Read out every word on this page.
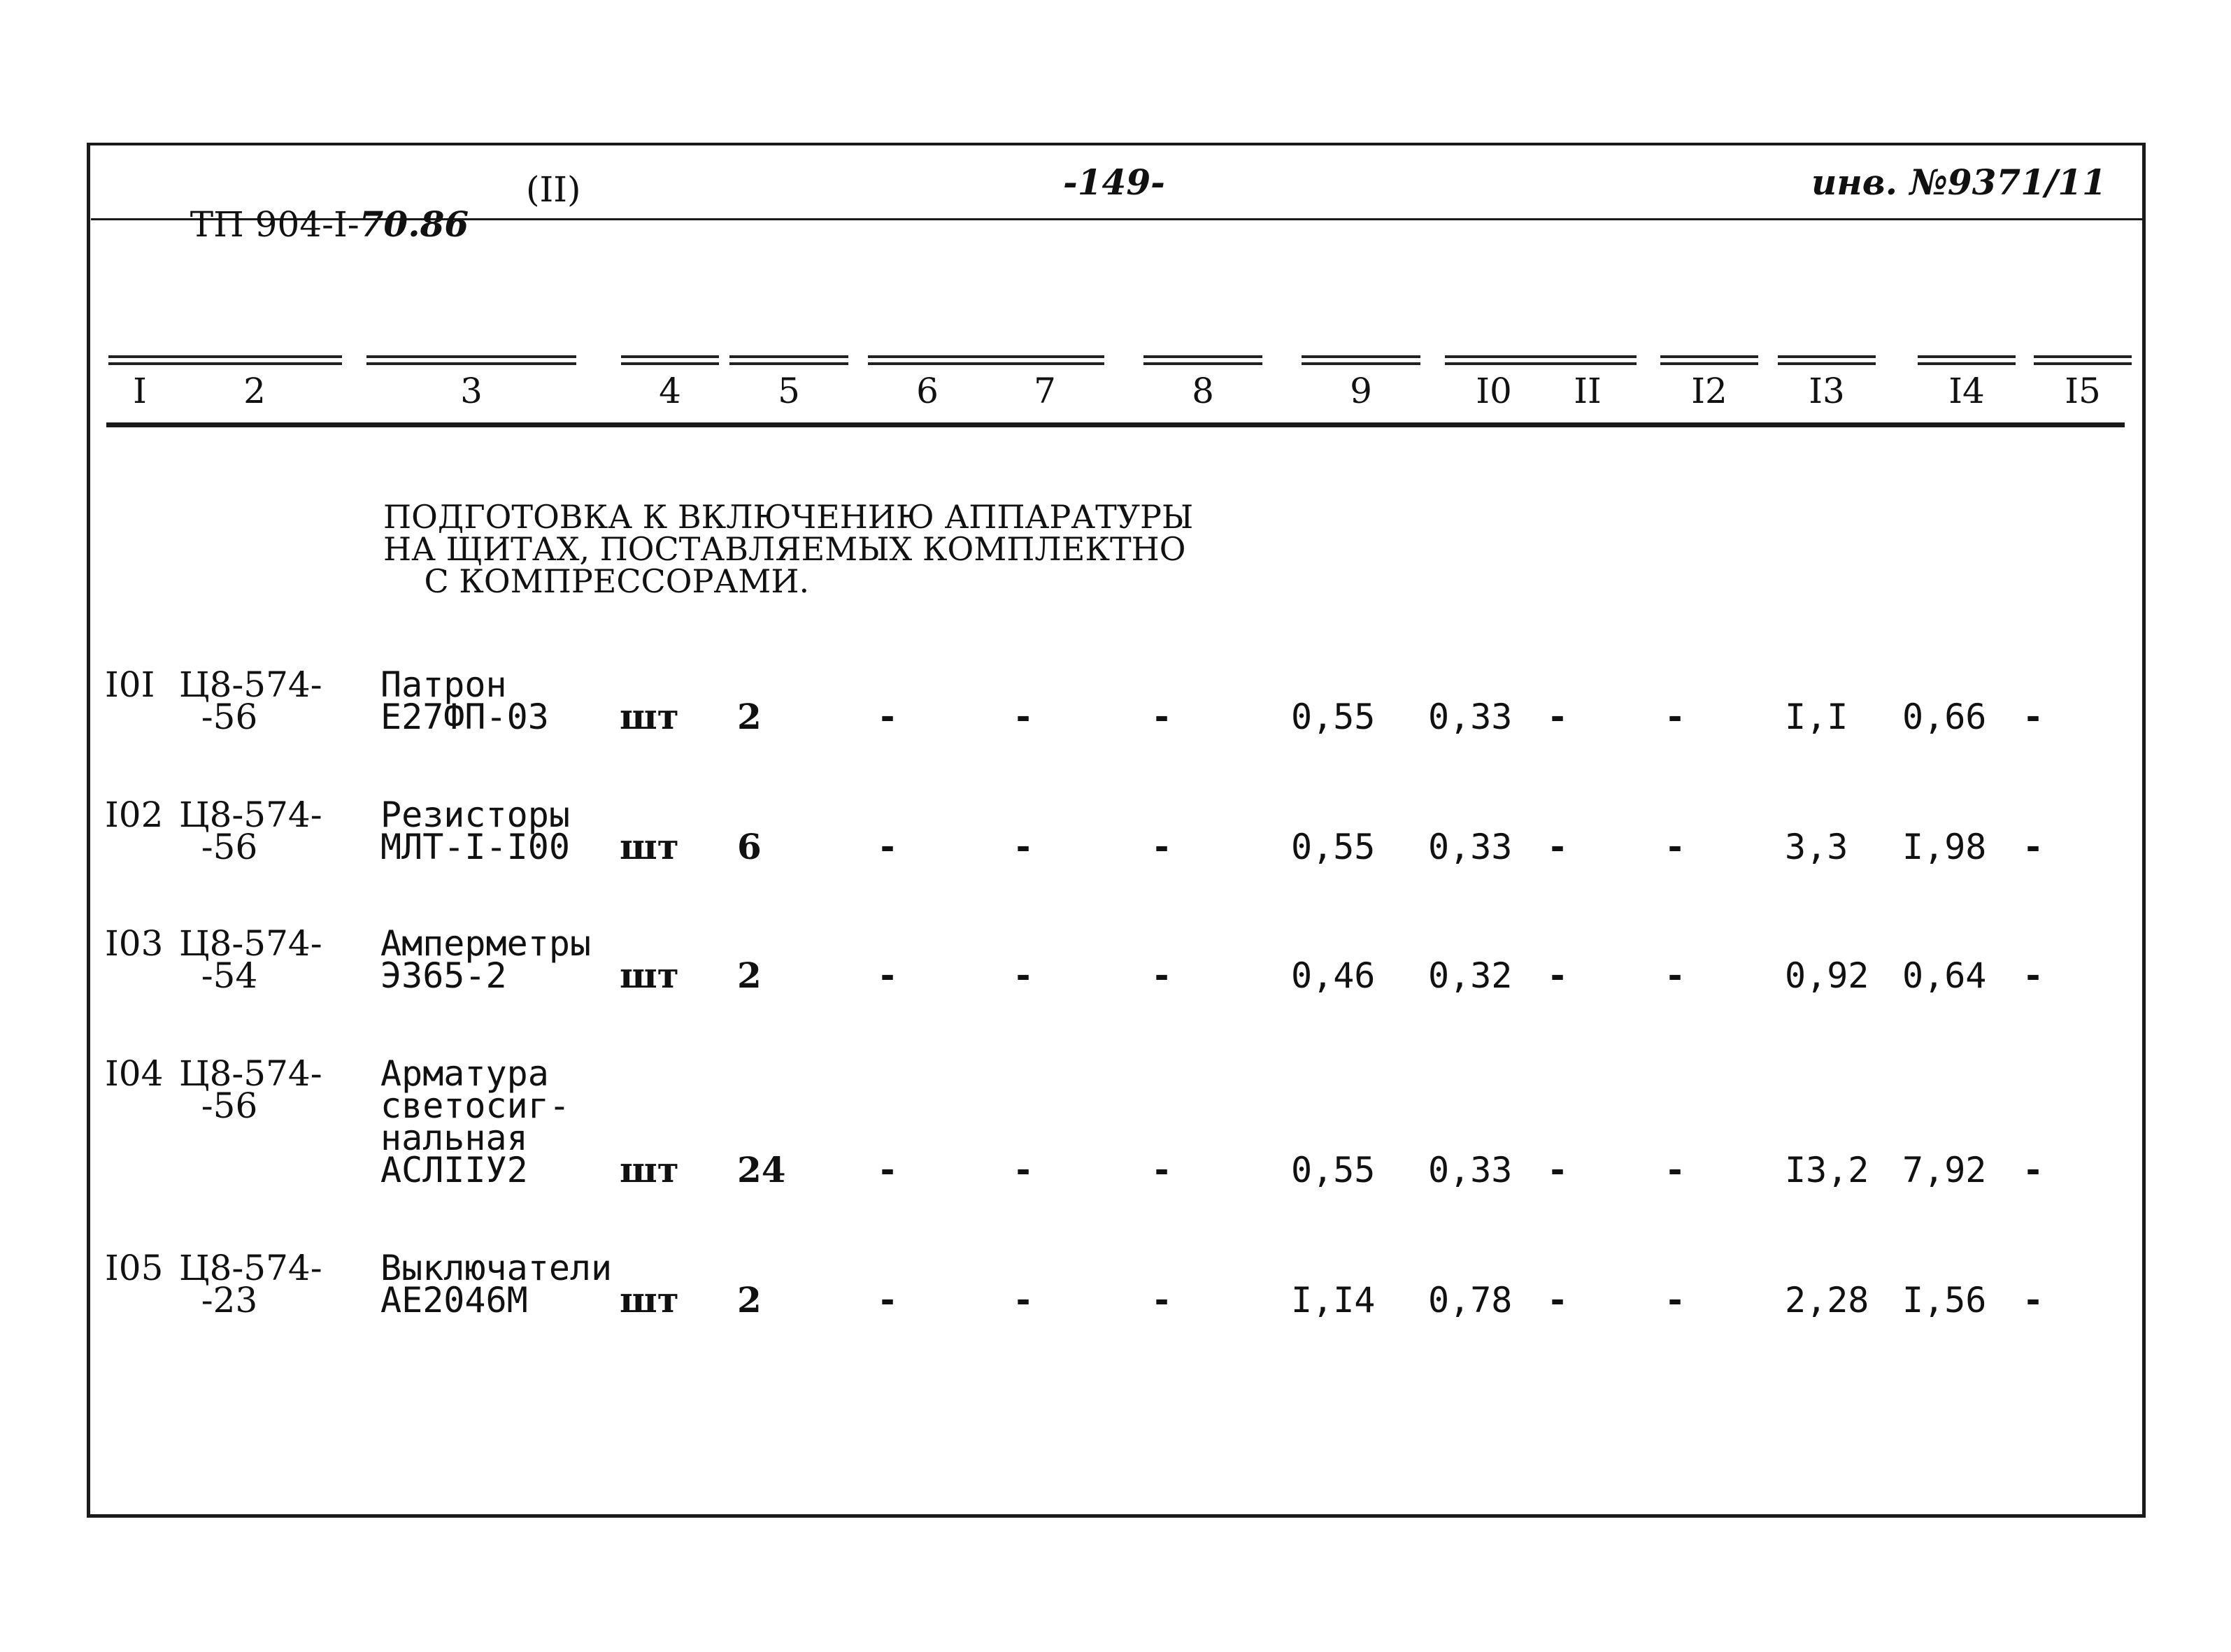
ТП 904-I-70.86

(II)	-149-	инв. №9371/11
I	2	3	4	5	6	7	8	9	I0	II	I2	I3	I4	I5
ПОДГОТОВКА К ВКЛЮЧЕНИЮ АППАРАТУРЫ
НА ЩИТАХ, ПОСТАВЛЯЕМЫХ КОМПЛЕКТНО
С КОМПРЕССОРАМИ.
I0I Ц8-574-
-56
Патрон
Е27ФП-03 шт 2	-	-	-	0,55 0,33 -	-	I,I 0,66 -
I02 Ц8-574-
-56
Резисторы
МЛТ-I-I00 шт 6	-	-	-	0,55 0,33 -	-	3,3 I,98 -
I03 Ц8-574-
-54
Амперметры
Э365-2	шт 2	-	-	-	0,46 0,32 -	-	0,92 0,64 -
I04 Ц8-574-
-56
Арматура
светосиг-
нальная
АСЛIIУ2	шт 24	-	-	-	0,55 0,33 -	-	I3,2 7,92 -
I05 Ц8-574-
-23
Выключатели
АЕ2046М	шт 2	-	-	-	I,I4 0,78 -	-	2,28 I,56 -
